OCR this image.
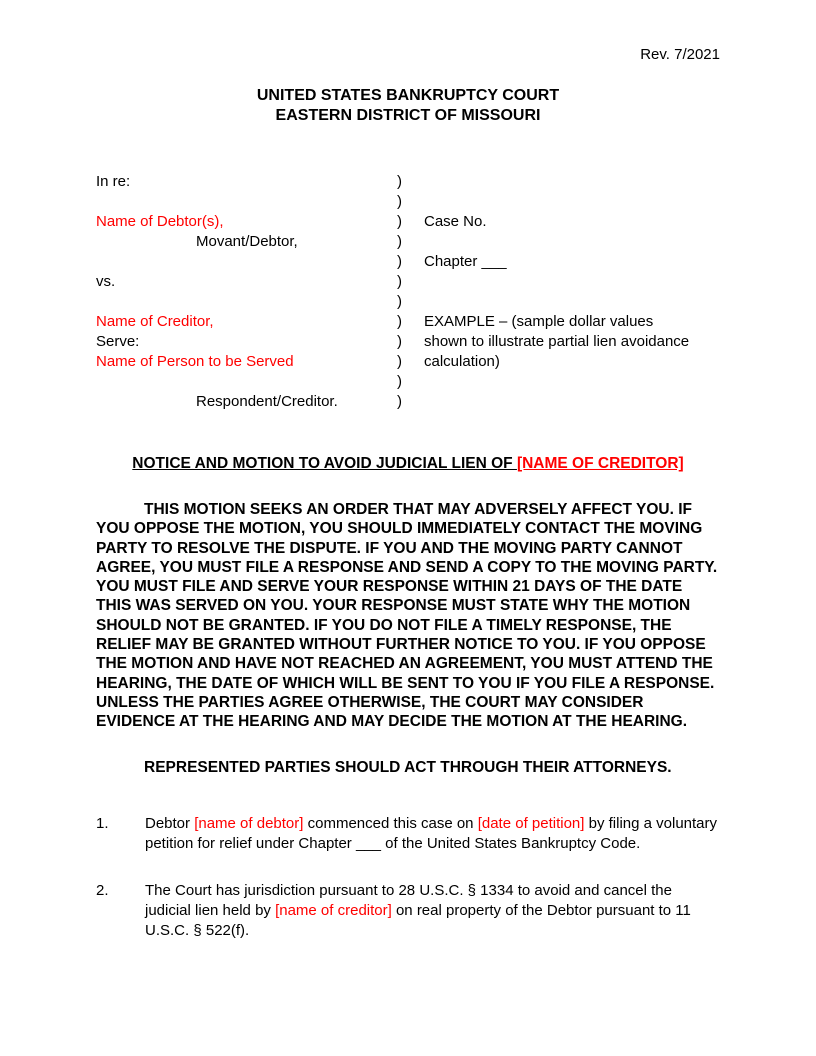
Rev. 7/2021
UNITED STATES BANKRUPTCY COURT
EASTERN DISTRICT OF MISSOURI
In re:	)
)
Name of Debtor(s),	)	Case No.
Movant/Debtor,	)
)	Chapter ___
vs.	)
)
Name of Creditor,	)	EXAMPLE – (sample dollar values
Serve:	)	shown to illustrate partial lien avoidance
Name of Person to be Served	)	calculation)
)
Respondent/Creditor.	)
NOTICE AND MOTION TO AVOID JUDICIAL LIEN OF [NAME OF CREDITOR]
THIS MOTION SEEKS AN ORDER THAT MAY ADVERSELY AFFECT YOU. IF YOU OPPOSE THE MOTION, YOU SHOULD IMMEDIATELY CONTACT THE MOVING PARTY TO RESOLVE THE DISPUTE. IF YOU AND THE MOVING PARTY CANNOT AGREE, YOU MUST FILE A RESPONSE AND SEND A COPY TO THE MOVING PARTY. YOU MUST FILE AND SERVE YOUR RESPONSE WITHIN 21 DAYS OF THE DATE THIS WAS SERVED ON YOU. YOUR RESPONSE MUST STATE WHY THE MOTION SHOULD NOT BE GRANTED. IF YOU DO NOT FILE A TIMELY RESPONSE, THE RELIEF MAY BE GRANTED WITHOUT FURTHER NOTICE TO YOU. IF YOU OPPOSE THE MOTION AND HAVE NOT REACHED AN AGREEMENT, YOU MUST ATTEND THE HEARING, THE DATE OF WHICH WILL BE SENT TO YOU IF YOU FILE A RESPONSE. UNLESS THE PARTIES AGREE OTHERWISE, THE COURT MAY CONSIDER EVIDENCE AT THE HEARING AND MAY DECIDE THE MOTION AT THE HEARING.
REPRESENTED PARTIES SHOULD ACT THROUGH THEIR ATTORNEYS.
1.	Debtor [name of debtor] commenced this case on [date of petition] by filing a voluntary petition for relief under Chapter ___ of the United States Bankruptcy Code.
2.	The Court has jurisdiction pursuant to 28 U.S.C. § 1334 to avoid and cancel the judicial lien held by [name of creditor] on real property of the Debtor pursuant to 11 U.S.C. § 522(f).
